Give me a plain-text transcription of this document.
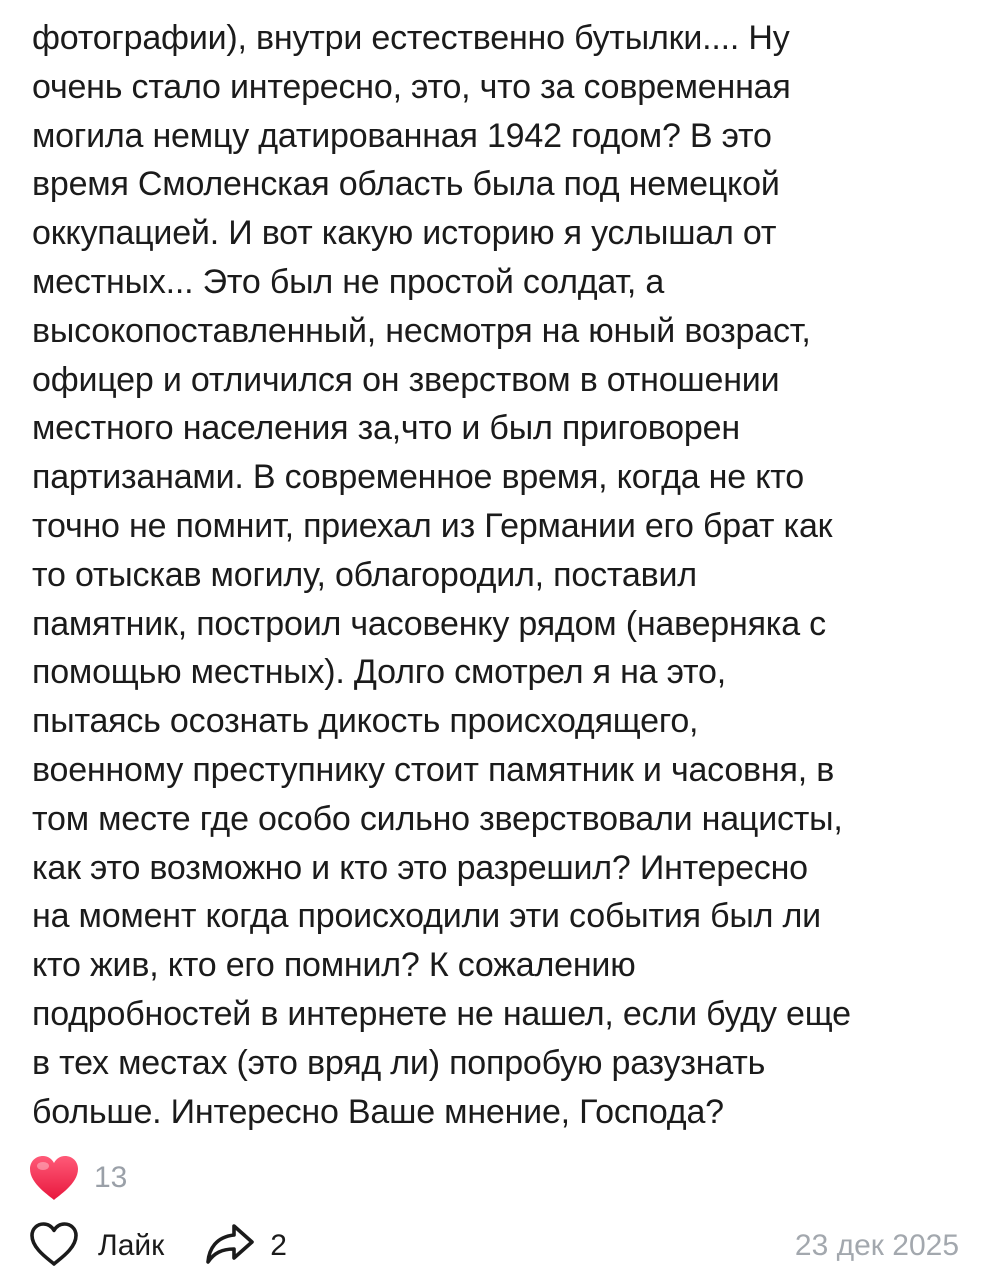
фотографии), внутри естественно бутылки.... Ну
очень стало интересно, это, что за современная
могила немцу датированная 1942 годом? В это
время Смоленская область была под немецкой
оккупацией. И вот какую историю я услышал от
местных... Это был не простой солдат, а
высокопоставленный, несмотря на юный возраст,
офицер и отличился он зверством в отношении
местного населения за,что и был приговорен
партизанами. В современное время, когда не кто
точно не помнит, приехал из Германии его брат как
то отыскав могилу, облагородил, поставил
памятник, построил часовенку рядом (наверняка с
помощью местных). Долго смотрел я на это,
пытаясь осознать дикость происходящего,
военному преступнику стоит памятник и часовня, в
том месте где особо сильно зверствовали нацисты,
как это возможно и кто это разрешил? Интересно
на момент когда происходили эти события был ли
кто жив, кто его помнил? К сожалению
подробностей в интернете не нашел, если буду еще
в тех местах (это вряд ли) попробую разузнать
больше. Интересно Ваше мнение, Господа?
13
Лайк	2	23 дек 2025
